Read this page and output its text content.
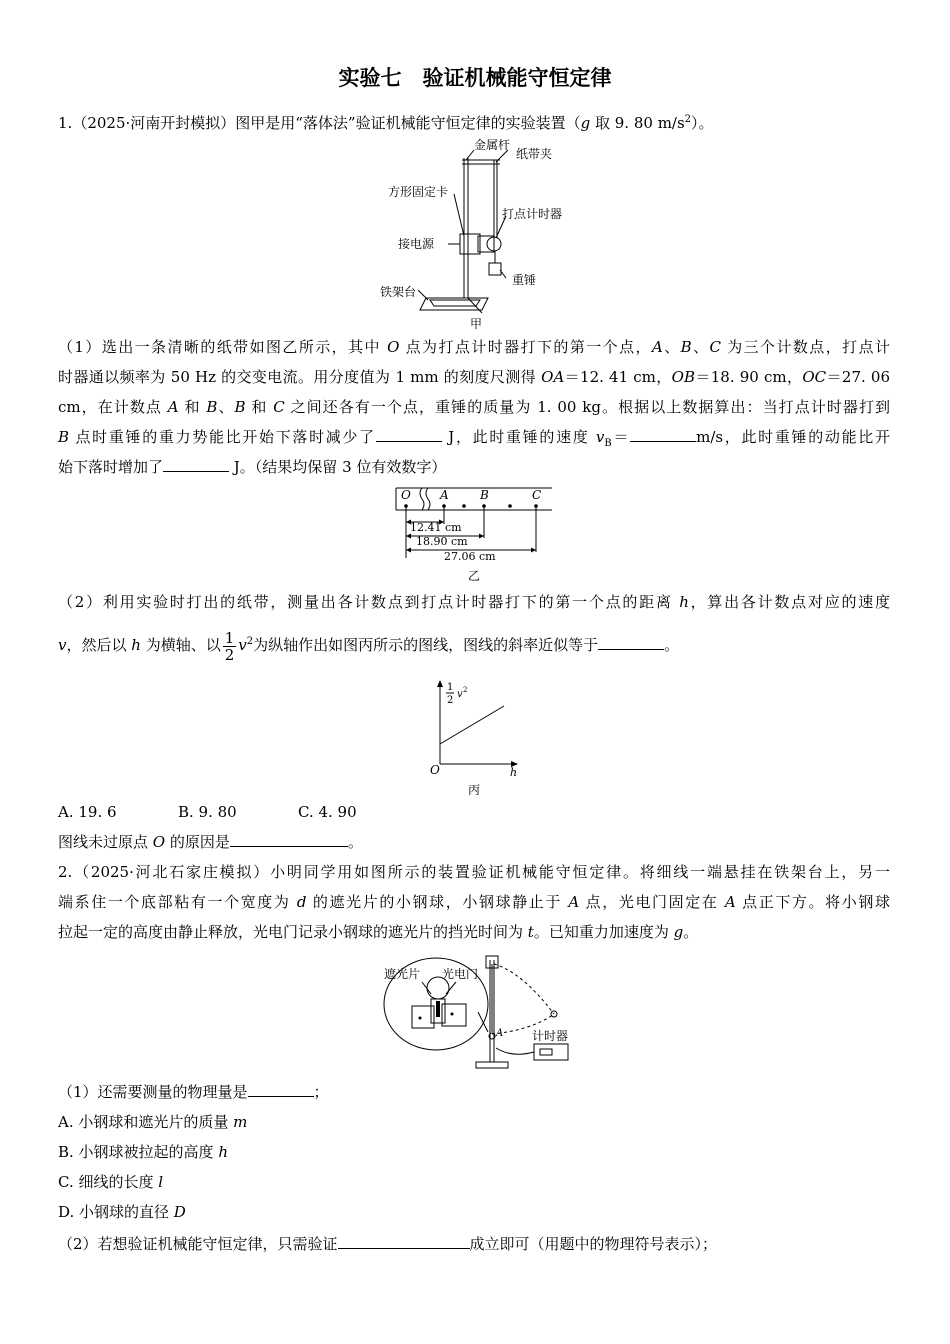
实验七　验证机械能守恒定律
1.（2025·河南开封模拟）图甲是用“落体法”验证机械能守恒定律的实验装置（g 取 9. 80 $m/s^2$）。
金属杆
纸带夹
方形固定卡
打点计时器
接电源
重锤
铁架台
甲
（1）选出一条清晰的纸带如图乙所示，其中 O 点为打点计时器打下的第一个点，A、B、C 为三个计数点，打点计
时器通以频率为 50 Hz 的交变电流。用分度值为 1 mm 的刻度尺测得 OA＝12. 41 cm，OB＝18. 90 cm，OC＝27. 06
cm，在计数点 A 和 B、B 和 C 之间还各有一个点，重锤的质量为 1. 00 kg。根据以上数据算出：当打点计时器打到
B 点时重锤的重力势能比开始下落时减少了	J，此时重锤的速度 $v_B=$	m/s，此时重锤的动能比开
始下落时增加了	J。（结果均保留 3 位有效数字）
O A	B	C
12.41 cm
18.90 cm
27.06 cm
乙
（2）利用实验时打出的纸带，测量出各计数点到打点计时器打下的第一个点的距离 h，算出各计数点对应的速度
v，然后以 h 为横轴、以 $\frac{1}{2} v^2$为纵轴作出如图丙所示的图线，图线的斜率近似等于	。
1
2
v 2
h
O
丙
A. 19. 6	B. 9. 80	C. 4. 90
图线未过原点 O 的原因是	。
2.（2025·河北石家庄模拟）小明同学用如图所示的装置验证机械能守恒定律。将细线一端悬挂在铁架台上，另一
端系住一个底部粘有一个宽度为 d 的遮光片的小钢球，小钢球静止于 A 点，光电门固定在 A 点正下方。将小钢球
拉起一定的高度由静止释放，光电门记录小钢球的遮光片的挡光时间为 t。已知重力加速度为 g。
遮光片 光电门
计时器
A
（1）还需要测量的物理量是	；
A. 小钢球和遮光片的质量 m
B. 小钢球被拉起的高度 h
C. 细线的长度 l
D. 小钢球的直径 D
（2）若想验证机械能守恒定律，只需验证	成立即可（用题中的物理符号表示）；
